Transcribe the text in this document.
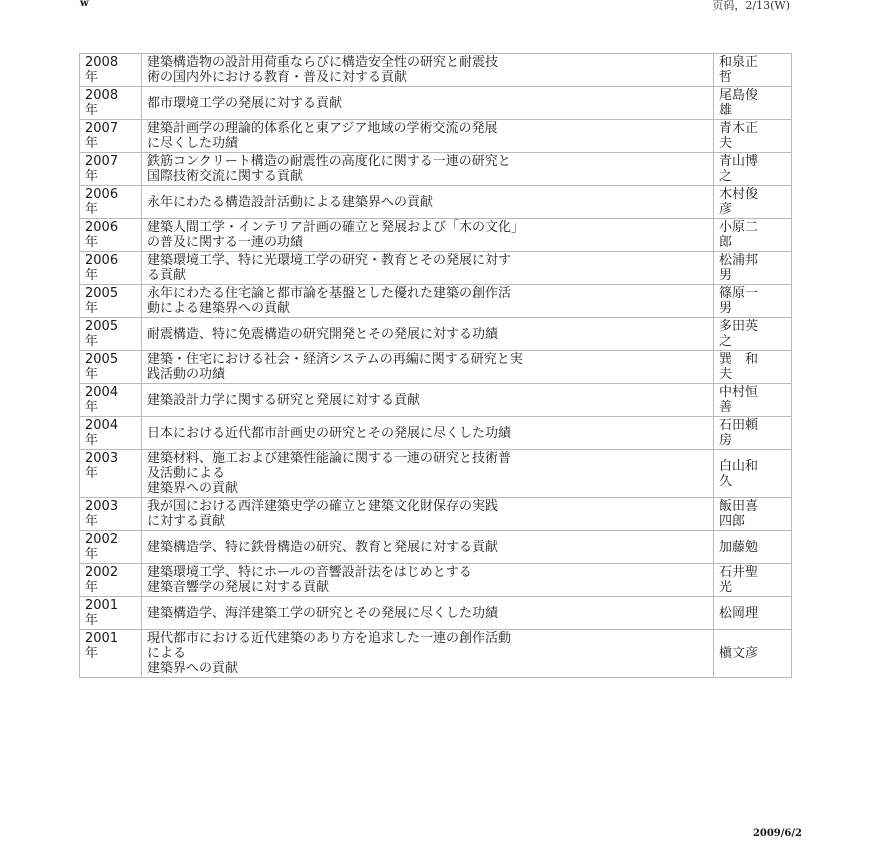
w	页码，2/13(W)
2008
年	建築構造物の設計用荷重ならびに構造安全性の研究と耐震技
術の国内外における教育・普及に対する貢献	和泉正
哲

2008
年	都市環境工学の発展に対する貢献	尾島俊
雄

2007
年	建築計画学の理論的体系化と東アジア地域の学術交流の発展
に尽くした功績	青木正
夫

2007
年	鉄筋コンクリート構造の耐震性の高度化に関する一連の研究と
国際技術交流に関する貢献	青山博
之

2006
年	永年にわたる構造設計活動による建築界への貢献	木村俊
彦

2006
年	建築人間工学・インテリア計画の確立と発展および「木の文化」
の普及に関する一連の功績	小原二
郎

2006
年	建築環境工学、特に光環境工学の研究・教育とその発展に対す
る貢献	松浦邦
男

2005
年	永年にわたる住宅論と都市論を基盤とした優れた建築の創作活
動による建築界への貢献	篠原一
男

2005
年	耐震構造、特に免震構造の研究開発とその発展に対する功績	多田英
之

2005
年	建築・住宅における社会・経済システムの再編に関する研究と実
践活動の功績	巽　和
夫

2004
年	建築設計力学に関する研究と発展に対する貢献	中村恒
善

2004
年	日本における近代都市計画史の研究とその発展に尽くした功績	石田頼
房

2003
年	建築材料、施工および建築性能論に関する一連の研究と技術普
及活動による
建築界への貢献	白山和
久

2003
年	我が国における西洋建築史学の確立と建築文化財保存の実践
に対する貢献	飯田喜
四郎

2002
年	建築構造学、特に鉄骨構造の研究、教育と発展に対する貢献	加藤勉

2002
年	建築環境工学、特にホールの音響設計法をはじめとする
建築音響学の発展に対する貢献	石井聖
光

2001
年	建築構造学、海洋建築工学の研究とその発展に尽くした功績	松岡理

2001
年	現代都市における近代建築のあり方を追求した一連の創作活動
による
建築界への貢献	槇文彦
2009/6/2
